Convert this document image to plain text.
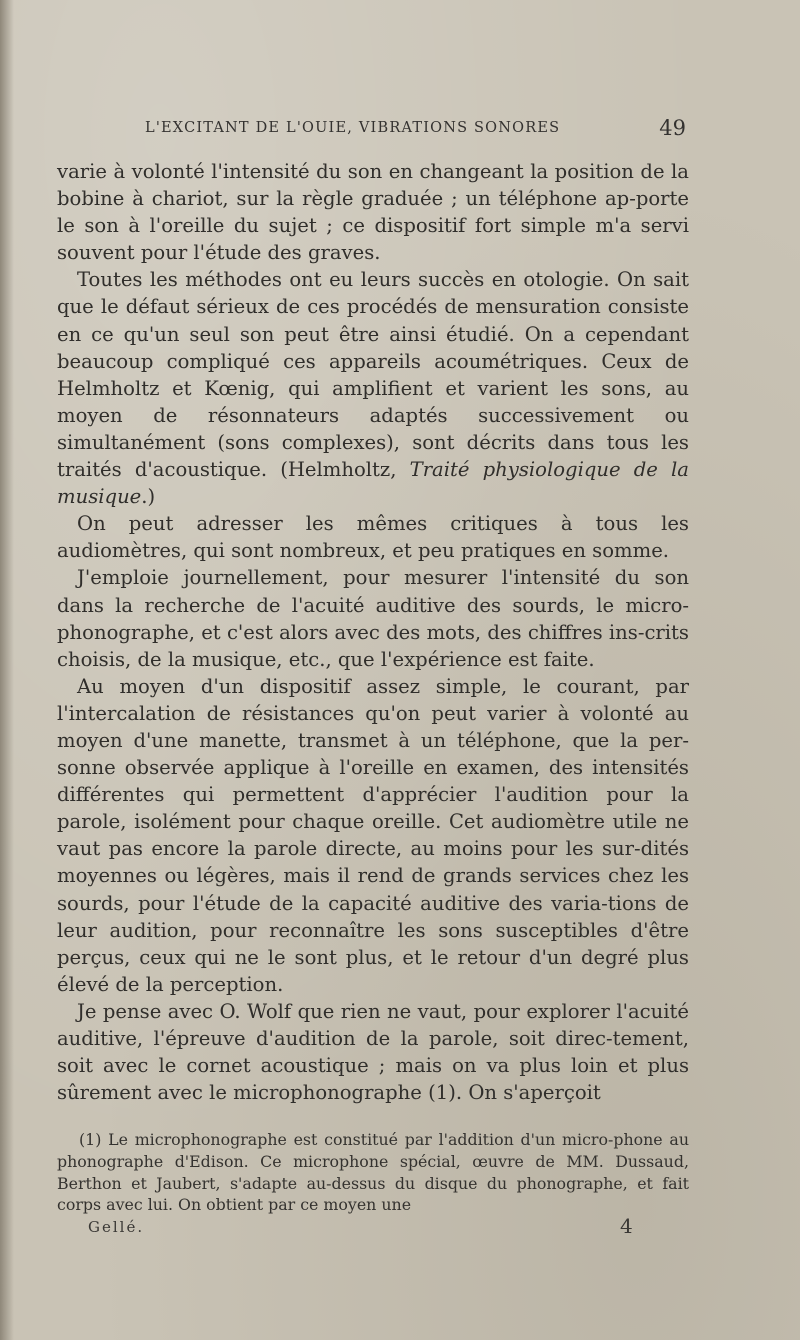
L'EXCITANT DE L'OUIE, VIBRATIONS SONORES	49

varie à volonté l'intensité du son en changeant la position de la bobine à chariot, sur la règle graduée ; un téléphone ap-porte le son à l'oreille du sujet ; ce dispositif fort simple m'a servi souvent pour l'étude des graves.

Toutes les méthodes ont eu leurs succès en otologie. On sait que le défaut sérieux de ces procédés de mensuration consiste en ce qu'un seul son peut être ainsi étudié. On a cependant beaucoup compliqué ces appareils acoumétriques. Ceux de Helmholtz et Kœnig, qui amplifient et varient les sons, au moyen de résonnateurs adaptés successivement ou simultanément (sons complexes), sont décrits dans tous les traités d'acoustique. (Helmholtz, Traité physiologique de la musique.)

On peut adresser les mêmes critiques à tous les audiomètres, qui sont nombreux, et peu pratiques en somme.

J'emploie journellement, pour mesurer l'intensité du son dans la recherche de l'acuité auditive des sourds, le micro-phonographe, et c'est alors avec des mots, des chiffres ins-crits choisis, de la musique, etc., que l'expérience est faite.

Au moyen d'un dispositif assez simple, le courant, par l'intercalation de résistances qu'on peut varier à volonté au moyen d'une manette, transmet à un téléphone, que la per-sonne observée applique à l'oreille en examen, des intensités différentes qui permettent d'apprécier l'audition pour la parole, isolément pour chaque oreille. Cet audiomètre utile ne vaut pas encore la parole directe, au moins pour les sur-dités moyennes ou légères, mais il rend de grands services chez les sourds, pour l'étude de la capacité auditive des varia-tions de leur audition, pour reconnaître les sons susceptibles d'être perçus, ceux qui ne le sont plus, et le retour d'un degré plus élevé de la perception.

Je pense avec O. Wolf que rien ne vaut, pour explorer l'acuité auditive, l'épreuve d'audition de la parole, soit direc-tement, soit avec le cornet acoustique ; mais on va plus loin et plus sûrement avec le microphonographe (1). On s'aperçoit

(1) Le microphonographe est constitué par l'addition d'un micro-phone au phonographe d'Edison. Ce microphone spécial, œuvre de MM. Dussaud, Berthon et Jaubert, s'adapte au-dessus du disque du phonographe, et fait corps avec lui. On obtient par ce moyen une

Gellé.	4
